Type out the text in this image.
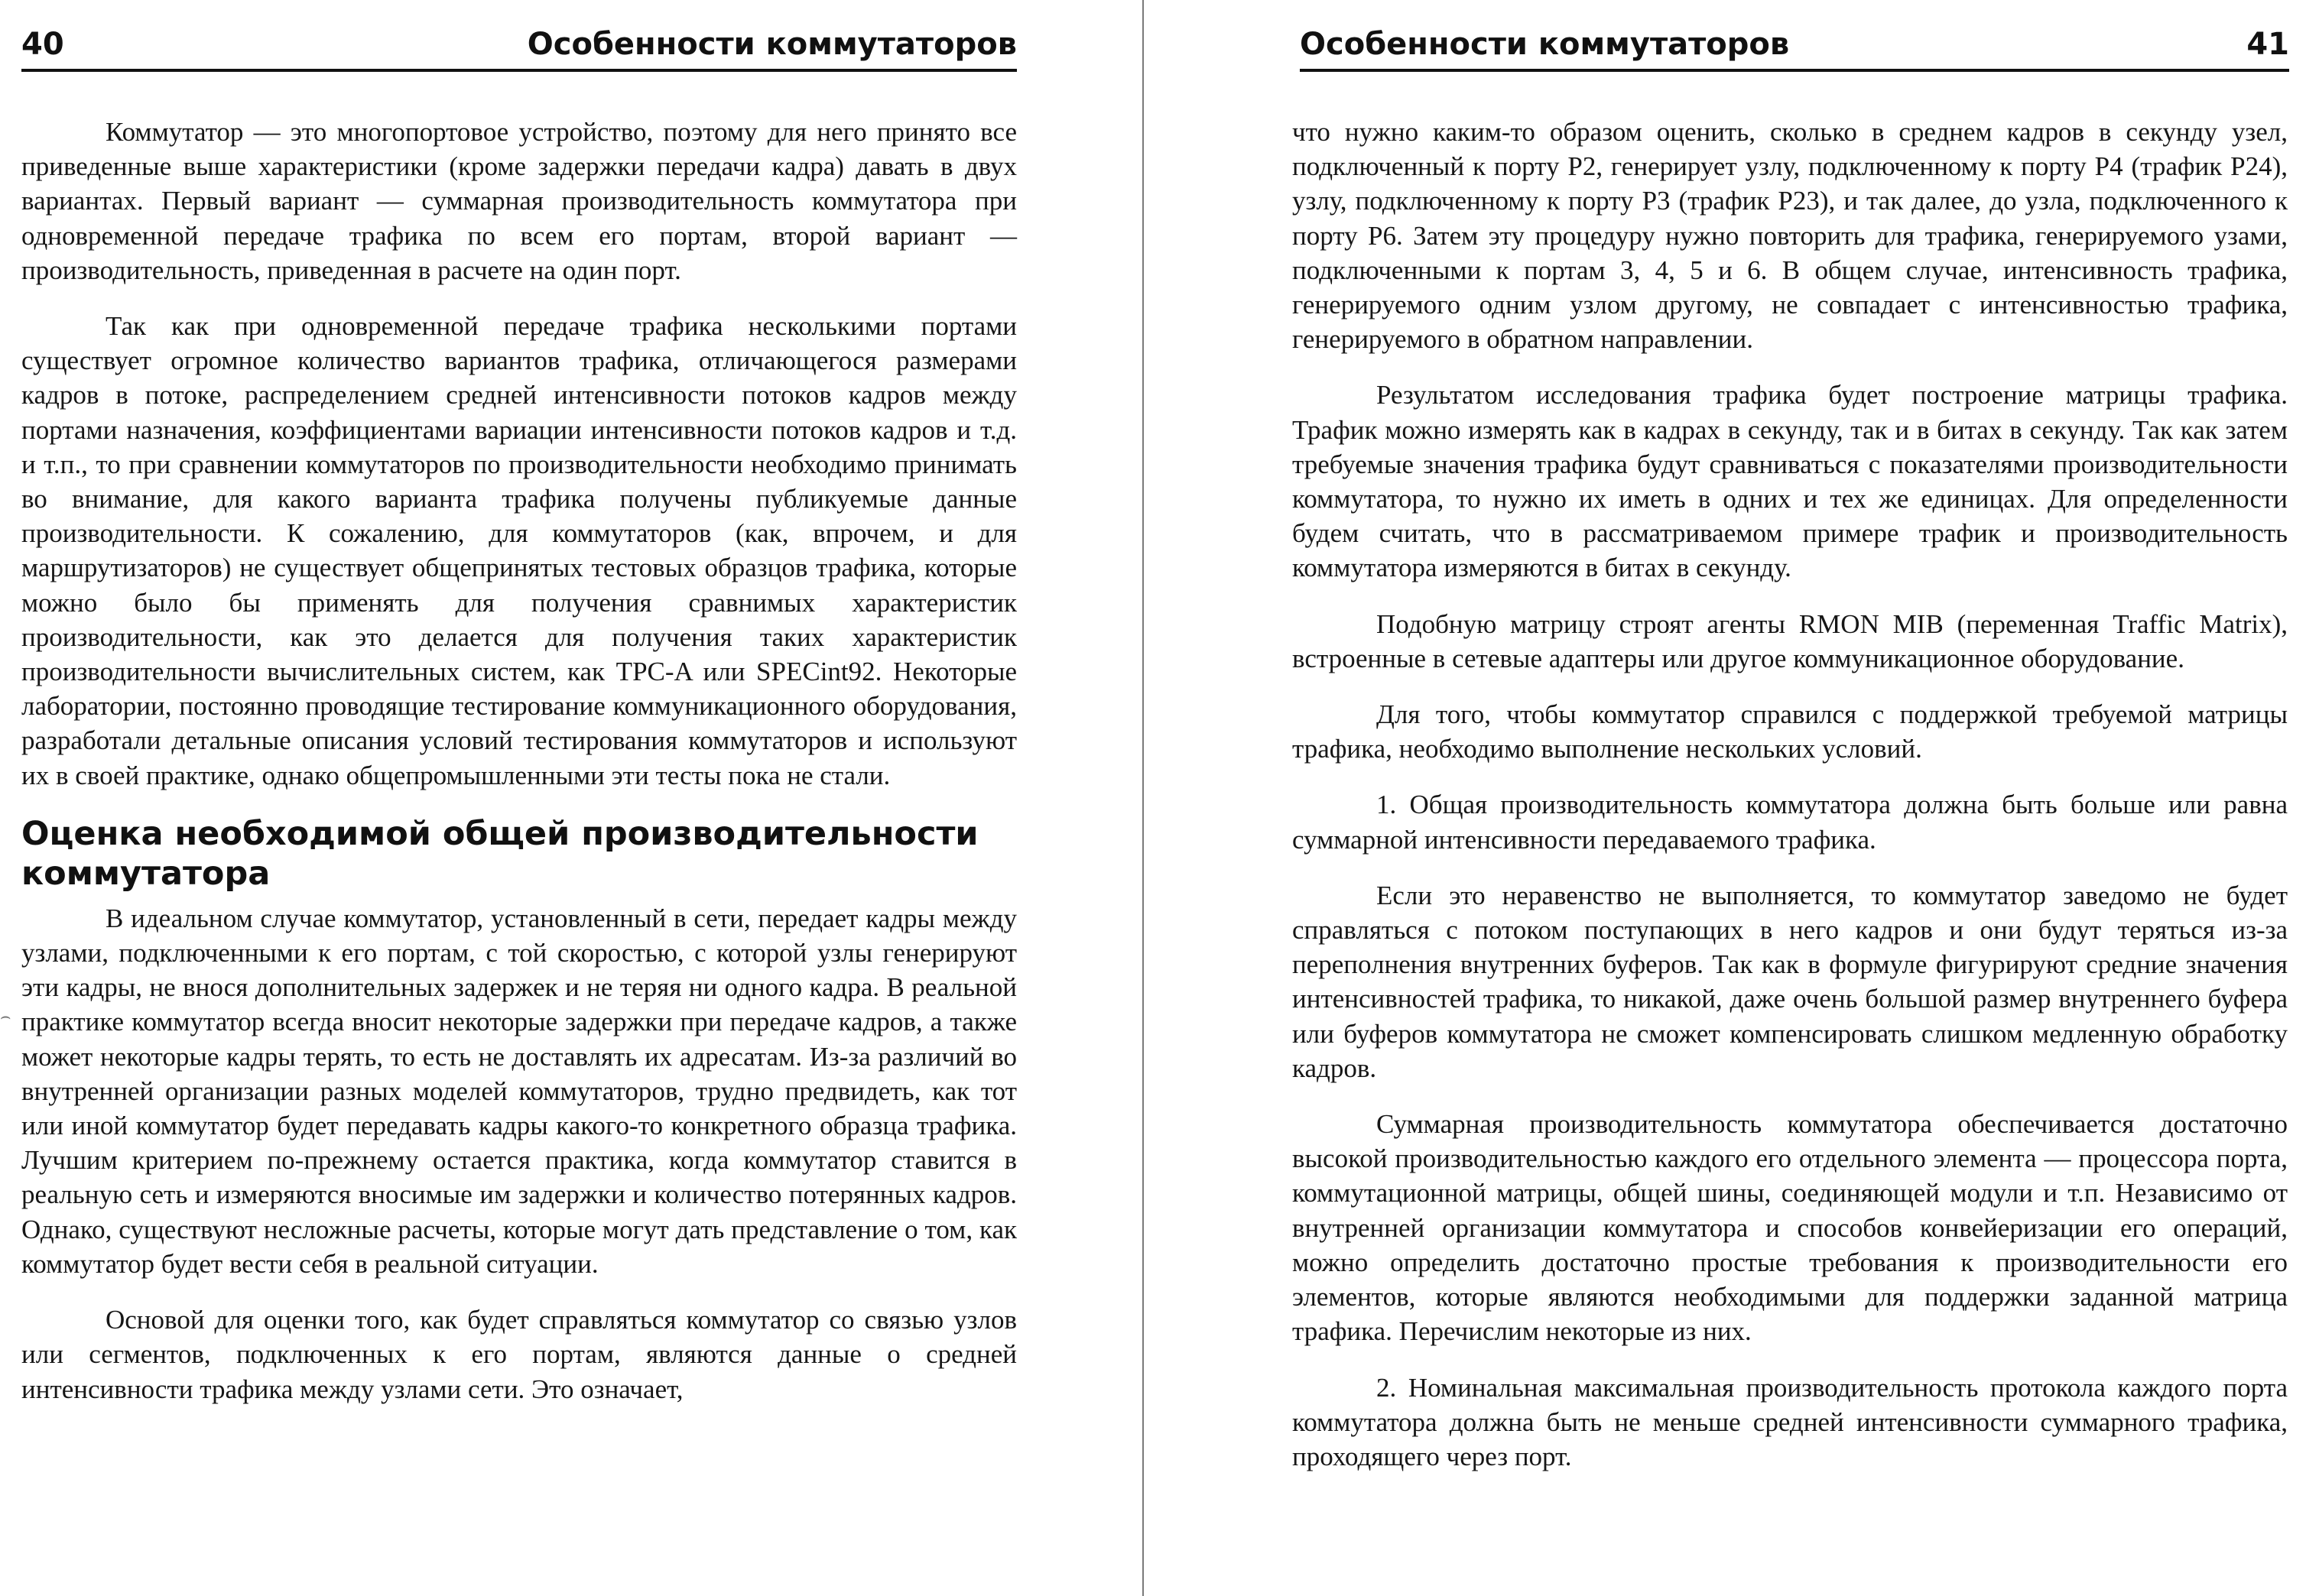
40	Особенности коммутаторов

Коммутатор — это многопортовое устройство, поэтому для него принято все приведенные выше характеристики (кроме задержки передачи кадра) давать в двух вариантах. Первый вариант — суммарная производительность коммутатора при одновременной передаче трафика по всем его портам, второй вариант — производительность, приведенная в расчете на один порт.

Так как при одновременной передаче трафика несколькими портами существует огромное количество вариантов трафика, отличающегося размерами кадров в потоке, распределением средней интенсивности потоков кадров между портами назначения, коэффициентами вариации интенсивности потоков кадров и т.д. и т.п., то при сравнении коммутаторов по производительности необходимо принимать во внимание, для какого варианта трафика получены публикуемые данные производительности. К сожалению, для коммутаторов (как, впрочем, и для маршрутизаторов) не существует общепринятых тестовых образцов трафика, которые можно было бы применять для получения сравнимых характеристик производительности, как это делается для получения таких характеристик производительности вычислительных систем, как TPC-A или SPECint92. Некоторые лаборатории, постоянно проводящие тестирование коммуникационного оборудования, разработали детальные описания условий тестирования коммутаторов и используют их в своей практике, однако общепромышленными эти тесты пока не стали.

Оценка необходимой общей производительности коммутатора

В идеальном случае коммутатор, установленный в сети, передает кадры между узлами, подключенными к его портам, с той скоростью, с которой узлы генерируют эти кадры, не внося дополнительных задержек и не теряя ни одного кадра. В реальной практике коммутатор всегда вносит некоторые задержки при передаче кадров, а также может некоторые кадры терять, то есть не доставлять их адресатам. Из-за различий во внутренней организации разных моделей коммутаторов, трудно предвидеть, как тот или иной коммутатор будет передавать кадры какого-то конкретного образца трафика. Лучшим критерием по-прежнему остается практика, когда коммутатор ставится в реальную сеть и измеряются вносимые им задержки и количество потерянных кадров. Однако, существуют несложные расчеты, которые могут дать представление о том, как коммутатор будет вести себя в реальной ситуации.

Основой для оценки того, как будет справляться коммутатор со связью узлов или сегментов, подключенных к его портам, являются данные о средней интенсивности трафика между узлами сети. Это означает,

⌢
Особенности коммутаторов	41

что нужно каким-то образом оценить, сколько в среднем кадров в секунду узел, подключенный к порту P2, генерирует узлу, подключенному к порту P4 (трафик P24), узлу, подключенному к порту P3 (трафик P23), и так далее, до узла, подключенного к порту P6. Затем эту процедуру нужно повторить для трафика, генерируемого узами, подключенными к портам 3, 4, 5 и 6. В общем случае, интенсивность трафика, генерируемого одним узлом другому, не совпадает с интенсивностью трафика, генерируемого в обратном направлении.

Результатом исследования трафика будет построение матрицы трафика. Трафик можно измерять как в кадрах в секунду, так и в битах в секунду. Так как затем требуемые значения трафика будут сравниваться с показателями производительности коммутатора, то нужно их иметь в одних и тех же единицах. Для определенности будем считать, что в рассматриваемом примере трафик и производительность коммутатора измеряются в битах в секунду.

Подобную матрицу строят агенты RMON MIB (переменная Traffic Matrix), встроенные в сетевые адаптеры или другое коммуникационное оборудование.

Для того, чтобы коммутатор справился с поддержкой требуемой матрицы трафика, необходимо выполнение нескольких условий.

1. Общая производительность коммутатора должна быть больше или равна суммарной интенсивности передаваемого трафика.

Если это неравенство не выполняется, то коммутатор заведомо не будет справляться с потоком поступающих в него кадров и они будут теряться из-за переполнения внутренних буферов. Так как в формуле фигурируют средние значения интенсивностей трафика, то никакой, даже очень большой размер внутреннего буфера или буферов коммутатора не сможет компенсировать слишком медленную обработку кадров.

Суммарная производительность коммутатора обеспечивается достаточно высокой производительностью каждого его отдельного элемента — процессора порта, коммутационной матрицы, общей шины, соединяющей модули и т.п. Независимо от внутренней организации коммутатора и способов конвейеризации его операций, можно определить достаточно простые требования к производительности его элементов, которые являются необходимыми для поддержки заданной матрица трафика. Перечислим некоторые из них.

2. Номинальная максимальная производительность протокола каждого порта коммутатора должна быть не меньше средней интенсивности суммарного трафика, проходящего через порт.
